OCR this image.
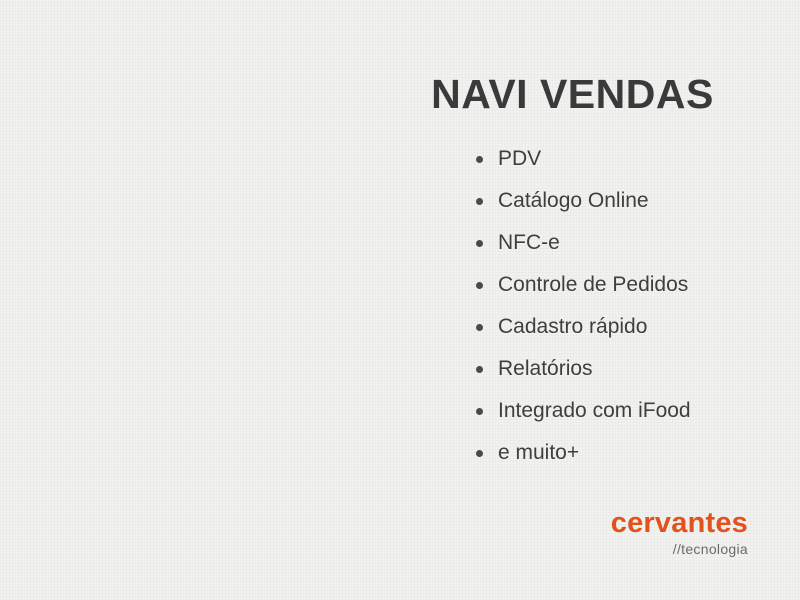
NAVI VENDAS
PDV
Catálogo Online
NFC-e
Controle de Pedidos
Cadastro rápido
Relatórios
Integrado com iFood
e muito+
cervantes
//tecnologia
